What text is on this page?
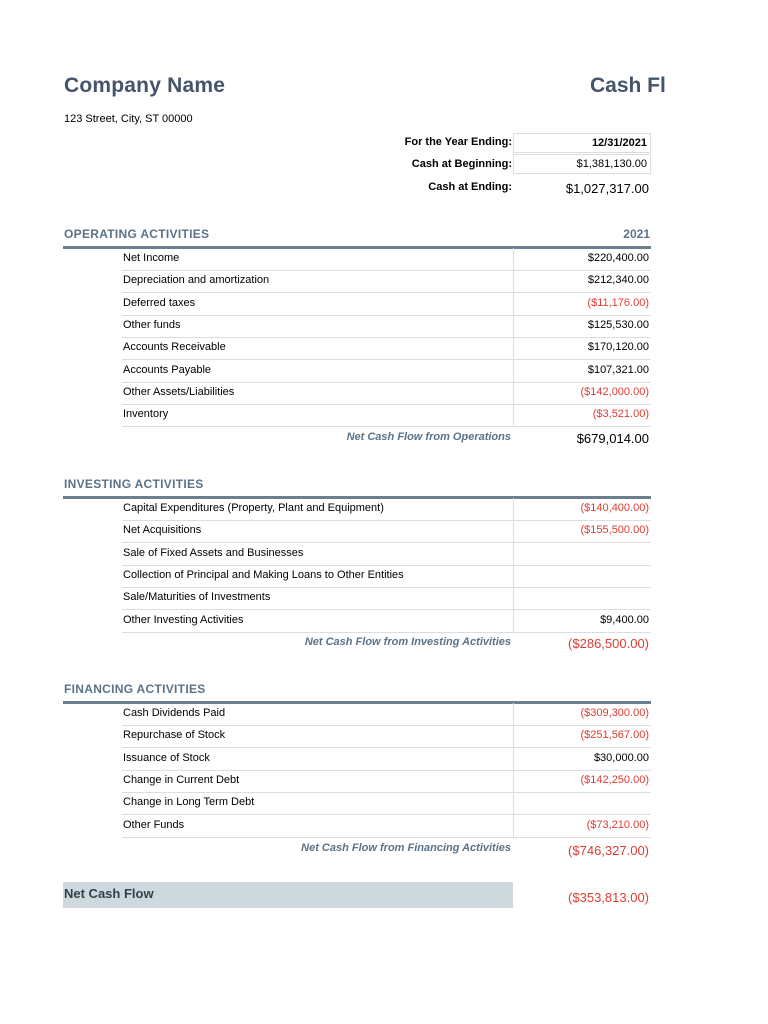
Company Name	Cash Fl
123 Street, City, ST 00000
For the Year Ending:	12/31/2021
Cash at Beginning:	$1,381,130.00
Cash at Ending:	$1,027,317.00
OPERATING ACTIVITIES	2021
Net Income	$220,400.00
Depreciation and amortization	$212,340.00
Deferred taxes	($11,176.00)
Other funds	$125,530.00
Accounts Receivable	$170,120.00
Accounts Payable	$107,321.00
Other Assets/Liabilities	($142,000.00)
Inventory	($3,521.00)
Net Cash Flow from Operations	$679,014.00
INVESTING ACTIVITIES
Capital Expenditures (Property, Plant and Equipment)	($140,400.00)
Net Acquisitions	($155,500.00)
Sale of Fixed Assets and Businesses
Collection of Principal and Making Loans to Other Entities
Sale/Maturities of Investments
Other Investing Activities	$9,400.00
Net Cash Flow from Investing Activities	($286,500.00)
FINANCING ACTIVITIES
Cash Dividends Paid	($309,300.00)
Repurchase of Stock	($251,567.00)
Issuance of Stock	$30,000.00
Change in Current Debt	($142,250.00)
Change in Long Term Debt
Other Funds	($73,210.00)
Net Cash Flow from Financing Activities	($746,327.00)
Net Cash Flow	($353,813.00)
